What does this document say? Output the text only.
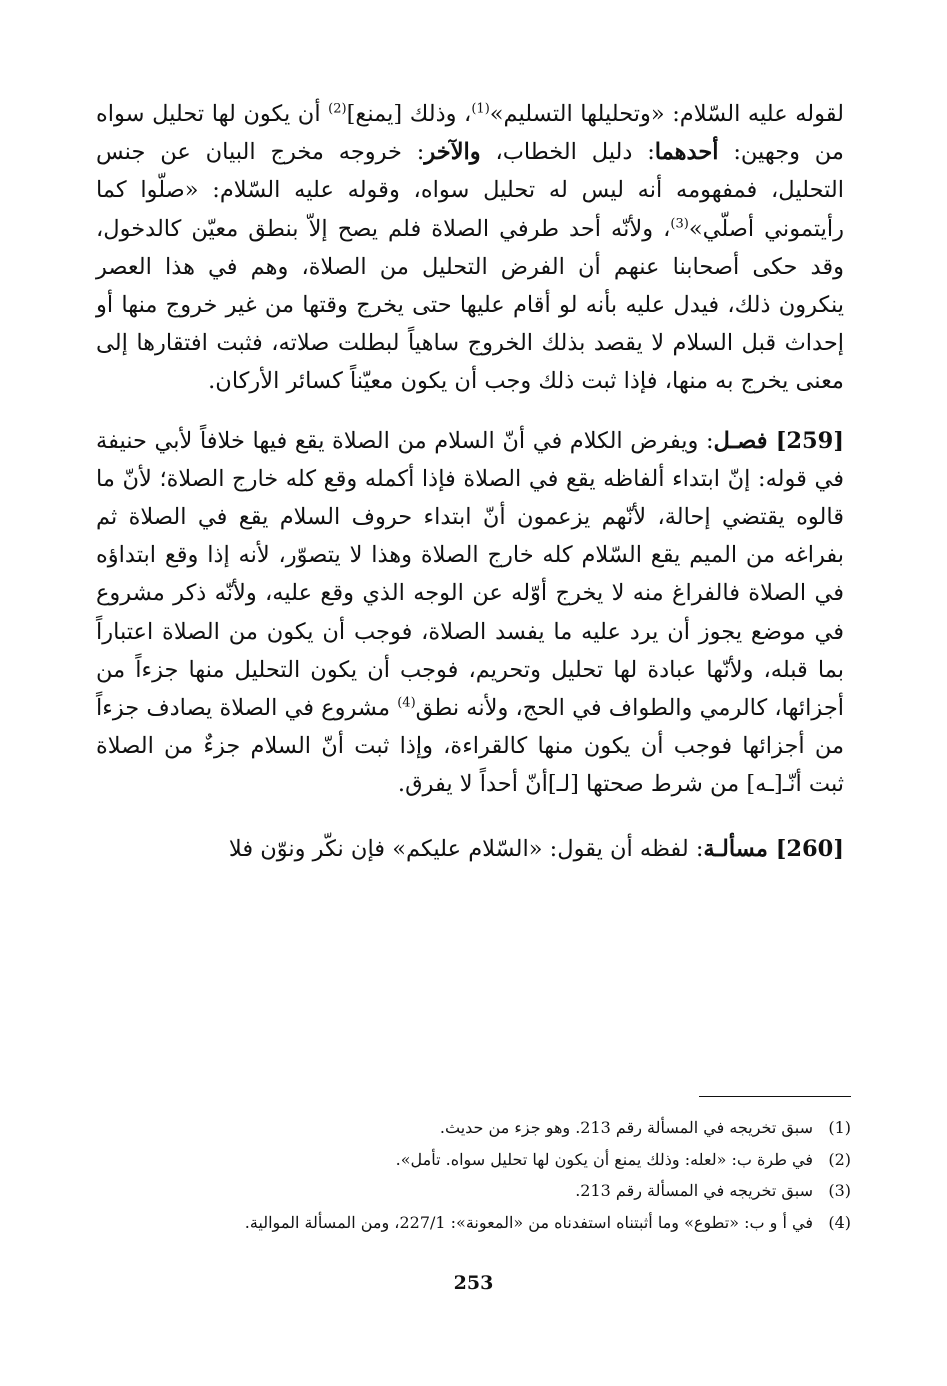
لقوله عليه السّلام: «وتحليلها التسليم»$^{(1)}$، وذلك [يمنع]$^{(2)}$ أن يكون لها تحليل سواه من وجهين: أحدهما: دليل الخطاب، والآخر: خروجه مخرج البيان عن جنس التحليل، فمفهومه أنه ليس له تحليل سواه، وقوله عليه السّلام: «صلّوا كما رأيتموني أصلّي»$^{(3)}$، ولأنّه أحد طرفي الصلاة فلم يصح إلاّ بنطق معيّن كالدخول، وقد حكى أصحابنا عنهم أن الفرض التحليل من الصلاة، وهم في هذا العصر ينكرون ذلك، فيدل عليه بأنه لو أقام عليها حتى يخرج وقتها من غير خروج منها أو إحداث قبل السلام لا يقصد بذلك الخروج ساهياً لبطلت صلاته، فثبت افتقارها إلى معنى يخرج به منها، فإذا ثبت ذلك وجب أن يكون معيّناً كسائر الأركان.

[259] فصـل: ويفرض الكلام في أنّ السلام من الصلاة يقع فيها خلافاً لأبي حنيفة في قوله: إنّ ابتداء ألفاظه يقع في الصلاة فإذا أكمله وقع كله خارج الصلاة؛ لأنّ ما قالوه يقتضي إحالة، لأنّهم يزعمون أنّ ابتداء حروف السلام يقع في الصلاة ثم بفراغه من الميم يقع السّلام كله خارج الصلاة وهذا لا يتصوّر، لأنه إذا وقع ابتداؤه في الصلاة فالفراغ منه لا يخرج أوّله عن الوجه الذي وقع عليه، ولأنّه ذكر مشروع في موضع يجوز أن يرد عليه ما يفسد الصلاة، فوجب أن يكون من الصلاة اعتباراً بما قبله، ولأنّها عبادة لها تحليل وتحريم، فوجب أن يكون التحليل منها جزءاً من أجزائها، كالرمي والطواف في الحج، ولأنه نطق$^{(4)}$ مشروع في الصلاة يصادف جزءاً من أجزائها فوجب أن يكون منها كالقراءة، وإذا ثبت أنّ السلام جزءٌ من الصلاة ثبت أنّـ[ـه] من شرط صحتها [لـ]أنّ أحداً لا يفرق.

[260] مسألـة: لفظه أن يقول: «السّلام عليكم» فإن نكّر ونوّن فلا

(1)
سبق تخريجه في المسألة رقم 213. وهو جزء من حديث.
(2)
في طرة ب: «لعله: وذلك يمنع أن يكون لها تحليل سواه. تأمل».
(3)
سبق تخريجه في المسألة رقم 213.
(4)
في أ و ب: «تطوع» وما أثبتناه استفدناه من «المعونة»: 227/1، ومن المسألة الموالية.
253
